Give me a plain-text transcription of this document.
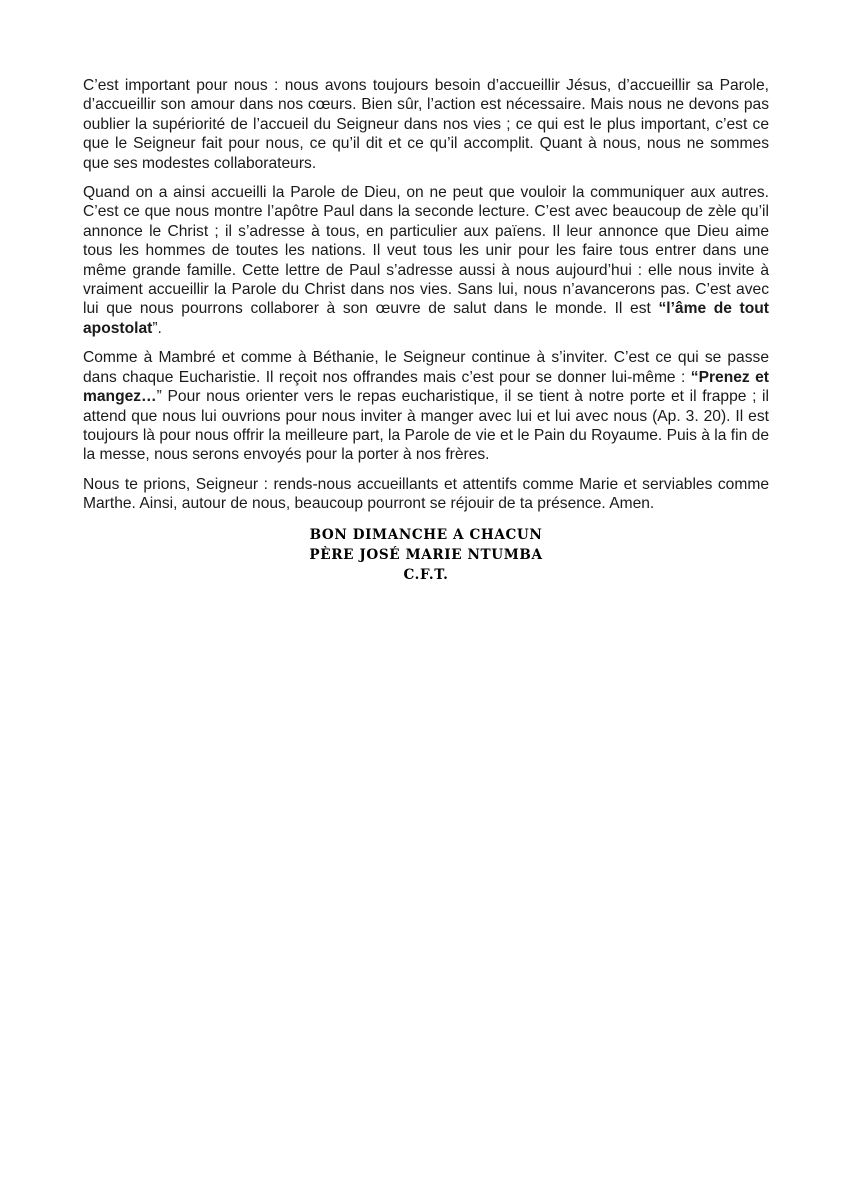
C’est important pour nous : nous avons toujours besoin d’accueillir Jésus, d’accueillir sa Parole, d’accueillir son amour dans nos cœurs. Bien sûr, l’action est nécessaire. Mais nous ne devons pas oublier la supériorité de l’accueil du Seigneur dans nos vies ; ce qui est le plus important, c’est ce que le Seigneur fait pour nous, ce qu’il dit et ce qu’il accomplit. Quant à nous, nous ne sommes que ses modestes collaborateurs.

Quand on a ainsi accueilli la Parole de Dieu, on ne peut que vouloir la communiquer aux autres. C’est ce que nous montre l’apôtre Paul dans la seconde lecture. C’est avec beaucoup de zèle qu’il annonce le Christ ; il s’adresse à tous, en particulier aux païens. Il leur annonce que Dieu aime tous les hommes de toutes les nations. Il veut tous les unir pour les faire tous entrer dans une même grande famille. Cette lettre de Paul s’adresse aussi à nous aujourd’hui : elle nous invite à vraiment accueillir la Parole du Christ dans nos vies. Sans lui, nous n’avancerons pas. C’est avec lui que nous pourrons collaborer à son œuvre de salut dans le monde. Il est “l’âme de tout apostolat”.

Comme à Mambré et comme à Béthanie, le Seigneur continue à s’inviter. C’est ce qui se passe dans chaque Eucharistie. Il reçoit nos offrandes mais c’est pour se donner lui-même : “Prenez et mangez…” Pour nous orienter vers le repas eucharistique, il se tient à notre porte et il frappe ; il attend que nous lui ouvrions pour nous inviter à manger avec lui et lui avec nous (Ap. 3. 20). Il est toujours là pour nous offrir la meilleure part, la Parole de vie et le Pain du Royaume. Puis à la fin de la messe, nous serons envoyés pour la porter à nos frères.

Nous te prions, Seigneur : rends-nous accueillants et attentifs comme Marie et serviables comme Marthe. Ainsi, autour de nous, beaucoup pourront se réjouir de ta présence. Amen.

BON DIMANCHE A CHACUN
PÈRE JOSÉ MARIE NTUMBA
C.F.T.
